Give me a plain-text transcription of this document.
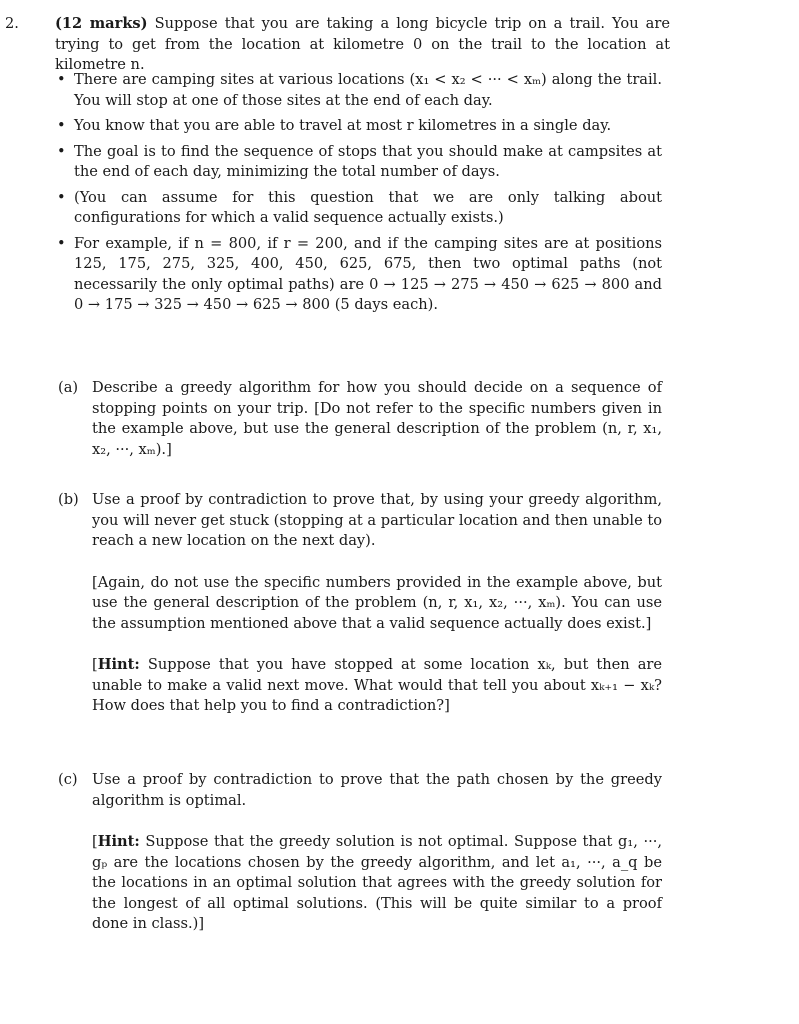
2. (12 marks) Suppose that you are taking a long bicycle trip on a trail. You are trying to get from the location at kilometre 0 on the trail to the location at kilometre n.

• There are camping sites at various locations (x₁ < x₂ < ··· < xₘ) along the trail. You will stop at one of those sites at the end of each day.
• You know that you are able to travel at most r kilometres in a single day.
• The goal is to find the sequence of stops that you should make at campsites at the end of each day, minimizing the total number of days.
• (You can assume for this question that we are only talking about configurations for which a valid sequence actually exists.)
• For example, if n = 800, if r = 200, and if the camping sites are at positions 125, 175, 275, 325, 400, 450, 625, 675, then two optimal paths (not necessarily the only optimal paths) are 0 → 125 → 275 → 450 → 625 → 800 and 0 → 175 → 325 → 450 → 625 → 800 (5 days each).
(a) Describe a greedy algorithm for how you should decide on a sequence of stopping points on your trip. [Do not refer to the specific numbers given in the example above, but use the general description of the problem (n, r, x₁, x₂, ···, xₘ).]

(b) Use a proof by contradiction to prove that, by using your greedy algorithm, you will never get stuck (stopping at a particular location and then unable to reach a new location on the next day).

[Again, do not use the specific numbers provided in the example above, but use the general description of the problem (n, r, x₁, x₂, ···, xₘ). You can use the assumption mentioned above that a valid sequence actually does exist.]

[Hint: Suppose that you have stopped at some location xₖ, but then are unable to make a valid next move. What would that tell you about xₖ₊₁ − xₖ? How does that help you to find a contradiction?]

(c) Use a proof by contradiction to prove that the path chosen by the greedy algorithm is optimal.

[Hint: Suppose that the greedy solution is not optimal. Suppose that g₁, ···, gₚ are the locations chosen by the greedy algorithm, and let a₁, ···, a_q be the locations in an optimal solution that agrees with the greedy solution for the longest of all optimal solutions. (This will be quite similar to a proof done in class.)]
